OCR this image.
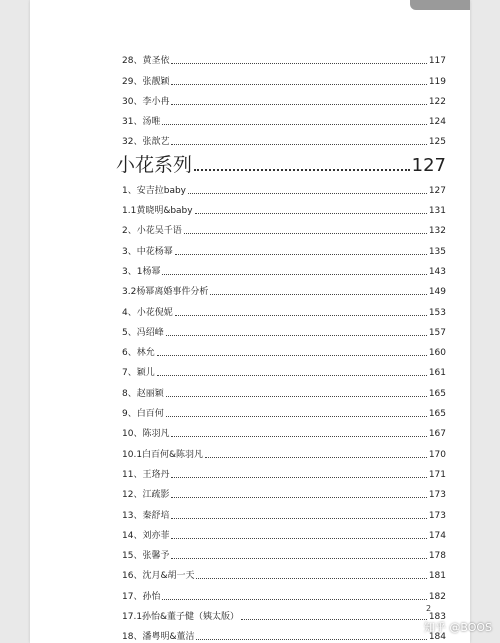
28、黄圣依	117
29、张靓颖	119
30、李小冉	122
31、汤唯	124
32、张歆艺	125
小花系列	127
1、安吉拉baby	127
1.1黄晓明&baby	131
2、小花吴千语	132
3、中花杨幂	135
3、1杨幂	143
3.2杨幂离婚事件分析	149
4、小花倪妮	153
5、冯绍峰	157
6、林允	160
7、颖儿	161
8、赵丽颖	165
9、白百何	165
10、陈羽凡	167
10.1白百何&陈羽凡	170
11、王珞丹	171
12、江疏影	173
13、秦舒培	173
14、刘亦菲	174
15、张馨予	178
16、沈月&胡一天	181
17、孙怡	182
17.1孙怡&董子健（姨太版）	183
18、潘粤明&董洁	184
2
知乎 @BOOS
